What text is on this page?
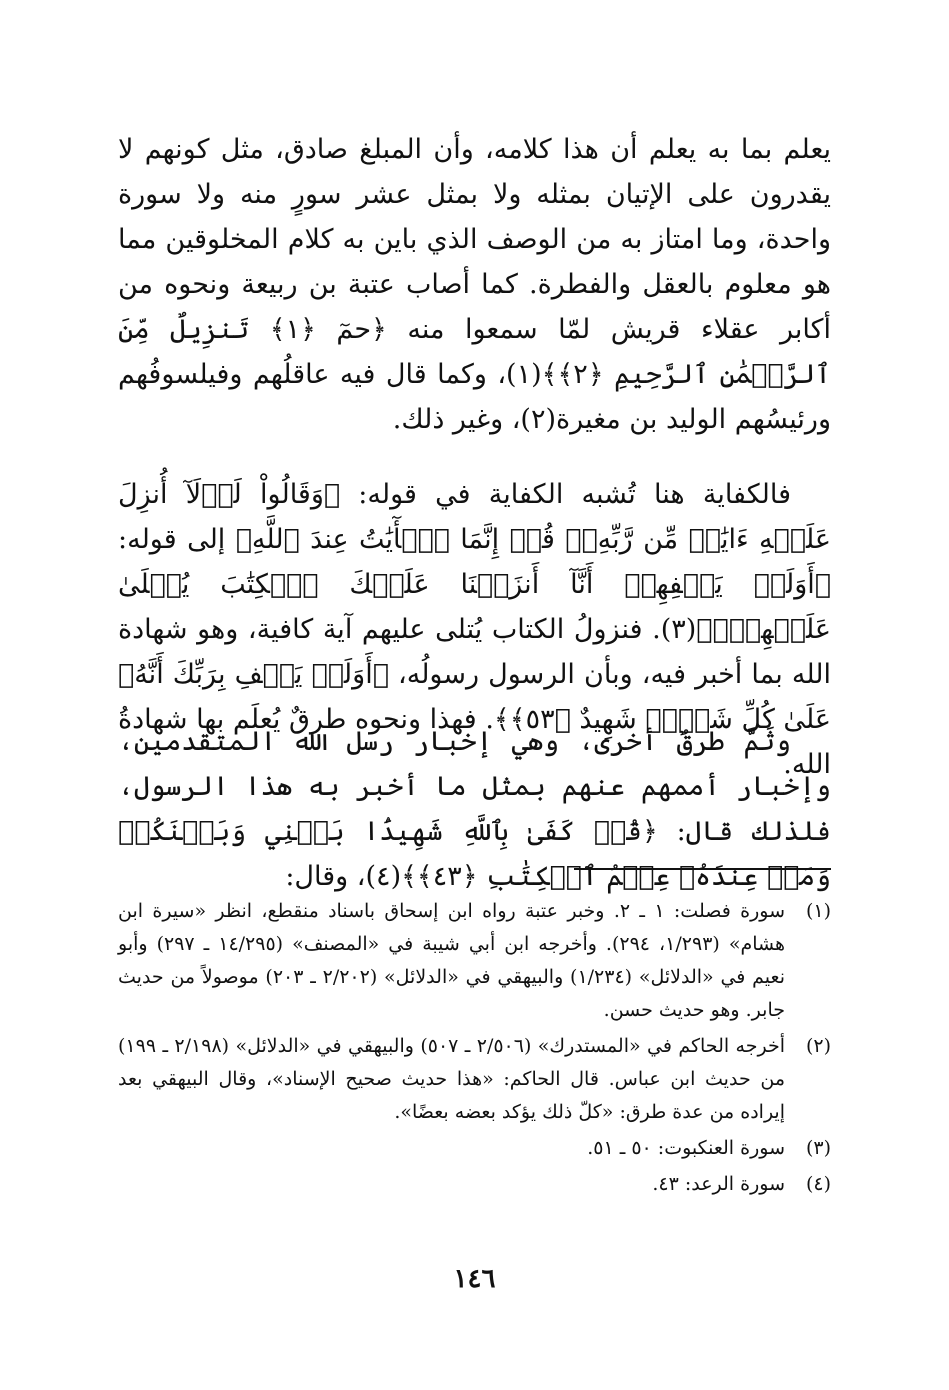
يعلم بما به يعلم أن هذا كلامه، وأن المبلغ صادق، مثل كونهم لا يقدرون على الإتيان بمثله ولا بمثل عشر سورٍ منه ولا سورة واحدة، وما امتاز به من الوصف الذي باين به كلام المخلوقين مما هو معلوم بالعقل والفطرة. كما أصاب عتبة بن ربيعة ونحوه من أكابر عقلاء قريش لمّا سمعوا منه ﴿حمٓ ﴿١﴾ تَنزِيلٌ مِّنَ ٱلرَّحۡمَٰنِ ٱلرَّحِيمِ ﴿٢﴾﴾(١)، وكما قال فيه عاقلُهم وفيلسوفُهم ورئيسُهم الوليد بن مغيرة(٢)، وغير ذلك.

فالكفاية هنا تُشبه الكفاية في قوله: ﴿وَقَالُواْ لَوۡلَآ أُنزِلَ عَلَيۡهِ ءَايَٰتٞ مِّن رَّبِّهِۦۖ قُلۡ إِنَّمَا ٱلۡأٓيَٰتُ عِندَ ٱللَّهِ﴾ إلى قوله: ﴿أَوَلَمۡ يَكۡفِهِمۡ أَنَّآ أَنزَلۡنَا عَلَيۡكَ ٱلۡكِتَٰبَ يُتۡلَىٰ عَلَيۡهِمۡۚ﴾(٣). فنزولُ الكتاب يُتلى عليهم آية كافية، وهو شهادة الله بما أخبر فيه، وبأن الرسول رسولُه، ﴿أَوَلَمۡ يَكۡفِ بِرَبِّكَ أَنَّهُۥ عَلَىٰ كُلِّ شَيۡءٖ شَهِيدٌ ﴿٥٣﴾﴾. فهذا ونحوه طرقٌ يُعلَم بها شهادةُ الله.

وثَمَّ طرقٌ أخرى، وهي إخبار رسل الله المتقدمين، وإخبار أممهم عنهم بمثل ما أخبر به هذا الرسول، فلذلك قال: ﴿قُلۡ كَفَىٰ بِٱللَّهِ شَهِيدَۢا بَيۡنِي وَبَيۡنَكُمۡ وَمَنۡ عِندَهُۥ عِلۡمُ ٱلۡكِتَٰبِ ﴿٤٣﴾﴾(٤)، وقال:

(١)
سورة فصلت: ١ ـ ٢. وخبر عتبة رواه ابن إسحاق باسناد منقطع، انظر «سيرة ابن هشام» (١/٢٩٣، ٢٩٤). وأخرجه ابن أبي شيبة في «المصنف» (١٤/٢٩٥ ـ ٢٩٧) وأبو نعيم في «الدلائل» (١/٢٣٤) والبيهقي في «الدلائل» (٢/٢٠٢ ـ ٢٠٣) موصولاً من حديث جابر. وهو حديث حسن.
(٢)
أخرجه الحاكم في «المستدرك» (٢/٥٠٦ ـ ٥٠٧) والبيهقي في «الدلائل» (٢/١٩٨ ـ ١٩٩) من حديث ابن عباس. قال الحاكم: «هذا حديث صحيح الإسناد»، وقال البيهقي بعد إيراده من عدة طرق: «كلّ ذلك يؤكد بعضه بعضًا».
(٣)
سورة العنكبوت: ٥٠ ـ ٥١.
(٤)
سورة الرعد: ٤٣.
١٤٦
